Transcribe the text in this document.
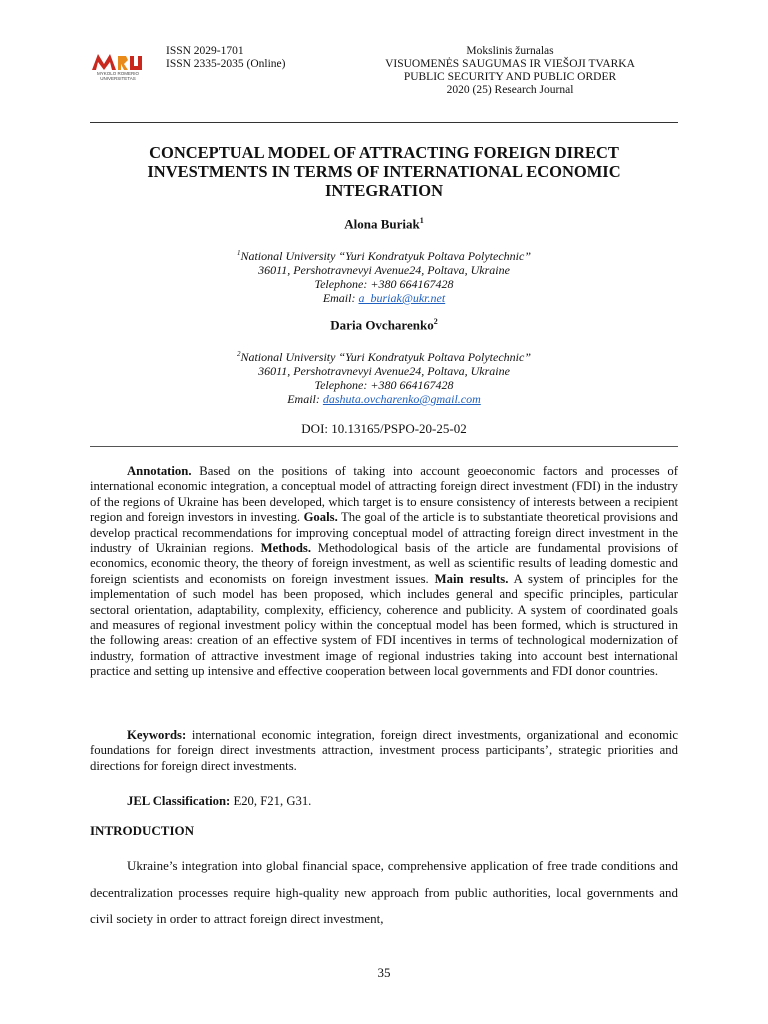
MYKOLO ROMERIO UNIVERSITETAS
ISSN 2029-1701
ISSN 2335-2035 (Online)
Mokslinis žurnalas
VISUOMENĖS SAUGUMAS IR VIEŠOJI TVARKA
PUBLIC SECURITY AND PUBLIC ORDER
2020 (25) Research Journal
CONCEPTUAL MODEL OF ATTRACTING FOREIGN DIRECT INVESTMENTS IN TERMS OF INTERNATIONAL ECONOMIC INTEGRATION
Alona Buriak$^1$
$^1$National University “Yuri Kondratyuk Poltava Polytechnic”
36011, Pershotravnevyi Avenue24, Poltava, Ukraine
Telephone: +380 664167428
Email: a_buriak@ukr.net
Daria Ovcharenko$^2$
$^2$National University “Yuri Kondratyuk Poltava Polytechnic”
36011, Pershotravnevyi Avenue24, Poltava, Ukraine
Telephone: +380 664167428
Email: dashuta.ovcharenko@gmail.com
DOI: 10.13165/PSPO-20-25-02

Annotation. Based on the positions of taking into account geoeconomic factors and processes of international economic integration, a conceptual model of attracting foreign direct investment (FDI) in the industry of the regions of Ukraine has been developed, which target is to ensure consistency of interests between a recipient region and foreign investors in investing. Goals. The goal of the article is to substantiate theoretical provisions and develop practical recommendations for improving conceptual model of attracting foreign direct investment in the industry of Ukrainian regions. Methods. Methodological basis of the article are fundamental provisions of economics, economic theory, the theory of foreign investment, as well as scientific results of leading domestic and foreign scientists and economists on foreign investment issues. Main results. A system of principles for the implementation of such model has been proposed, which includes general and specific principles, particular sectoral orientation, adaptability, complexity, efficiency, coherence and publicity. A system of coordinated goals and measures of regional investment policy within the conceptual model has been formed, which is structured in the following areas: creation of an effective system of FDI incentives in terms of technological modernization of industry, formation of attractive investment image of regional industries taking into account best international practice and setting up intensive and effective cooperation between local governments and FDI donor countries.

Keywords: international economic integration, foreign direct investments, organizational and economic foundations for foreign direct investments attraction, investment process participants’, strategic priorities and directions for foreign direct investments.

JEL Classification: E20, F21, G31.

INTRODUCTION

Ukraine’s integration into global financial space, comprehensive application of free trade conditions and decentralization processes require high-quality new approach from public authorities, local governments and civil society in order to attract foreign direct investment,

35
